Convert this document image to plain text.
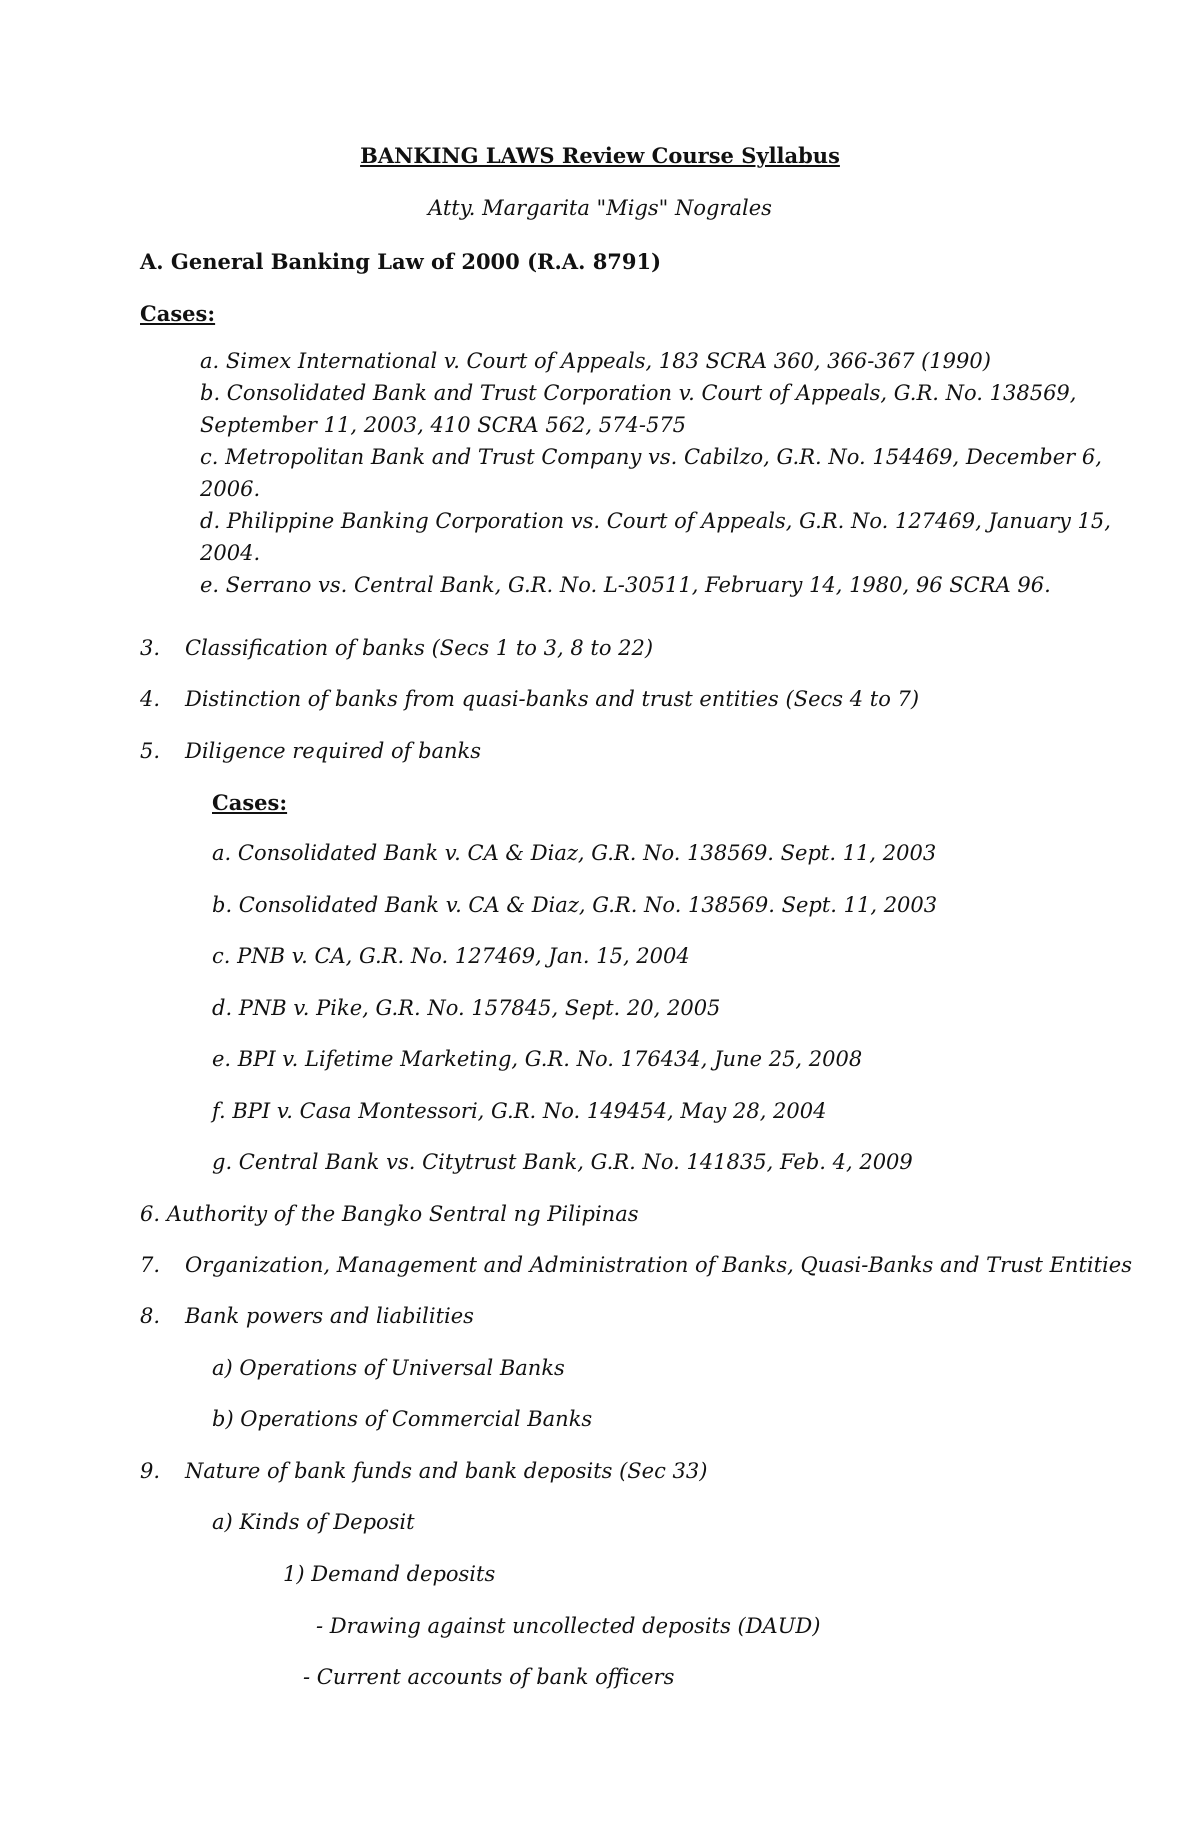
BANKING LAWS Review Course Syllabus
Atty. Margarita "Migs" Nograles
A. General Banking Law of 2000 (R.A. 8791)
Cases:
a. Simex International v. Court of Appeals, 183 SCRA 360, 366-367 (1990)
b. Consolidated Bank and Trust Corporation v. Court of Appeals, G.R. No. 138569,
September 11, 2003, 410 SCRA 562, 574-575
c. Metropolitan Bank and Trust Company vs. Cabilzo, G.R. No. 154469, December 6,
2006.
d. Philippine Banking Corporation vs. Court of Appeals, G.R. No. 127469, January 15,
2004.
e. Serrano vs. Central Bank, G.R. No. L-30511, February 14, 1980, 96 SCRA 96.
3. Classification of banks (Secs 1 to 3, 8 to 22)
4. Distinction of banks from quasi-banks and trust entities (Secs 4 to 7)
5. Diligence required of banks
Cases:
a. Consolidated Bank v. CA & Diaz, G.R. No. 138569. Sept. 11, 2003
b. Consolidated Bank v. CA & Diaz, G.R. No. 138569. Sept. 11, 2003
c. PNB v. CA, G.R. No. 127469, Jan. 15, 2004
d. PNB v. Pike, G.R. No. 157845, Sept. 20, 2005
e. BPI v. Lifetime Marketing, G.R. No. 176434, June 25, 2008
f. BPI v. Casa Montessori, G.R. No. 149454, May 28, 2004
g. Central Bank vs. Citytrust Bank, G.R. No. 141835, Feb. 4, 2009
6. Authority of the Bangko Sentral ng Pilipinas
7. Organization, Management and Administration of Banks, Quasi-Banks and Trust Entities
8. Bank powers and liabilities
a) Operations of Universal Banks
b) Operations of Commercial Banks
9. Nature of bank funds and bank deposits (Sec 33)
a) Kinds of Deposit
1) Demand deposits
- Drawing against uncollected deposits (DAUD)
- Current accounts of bank officers
